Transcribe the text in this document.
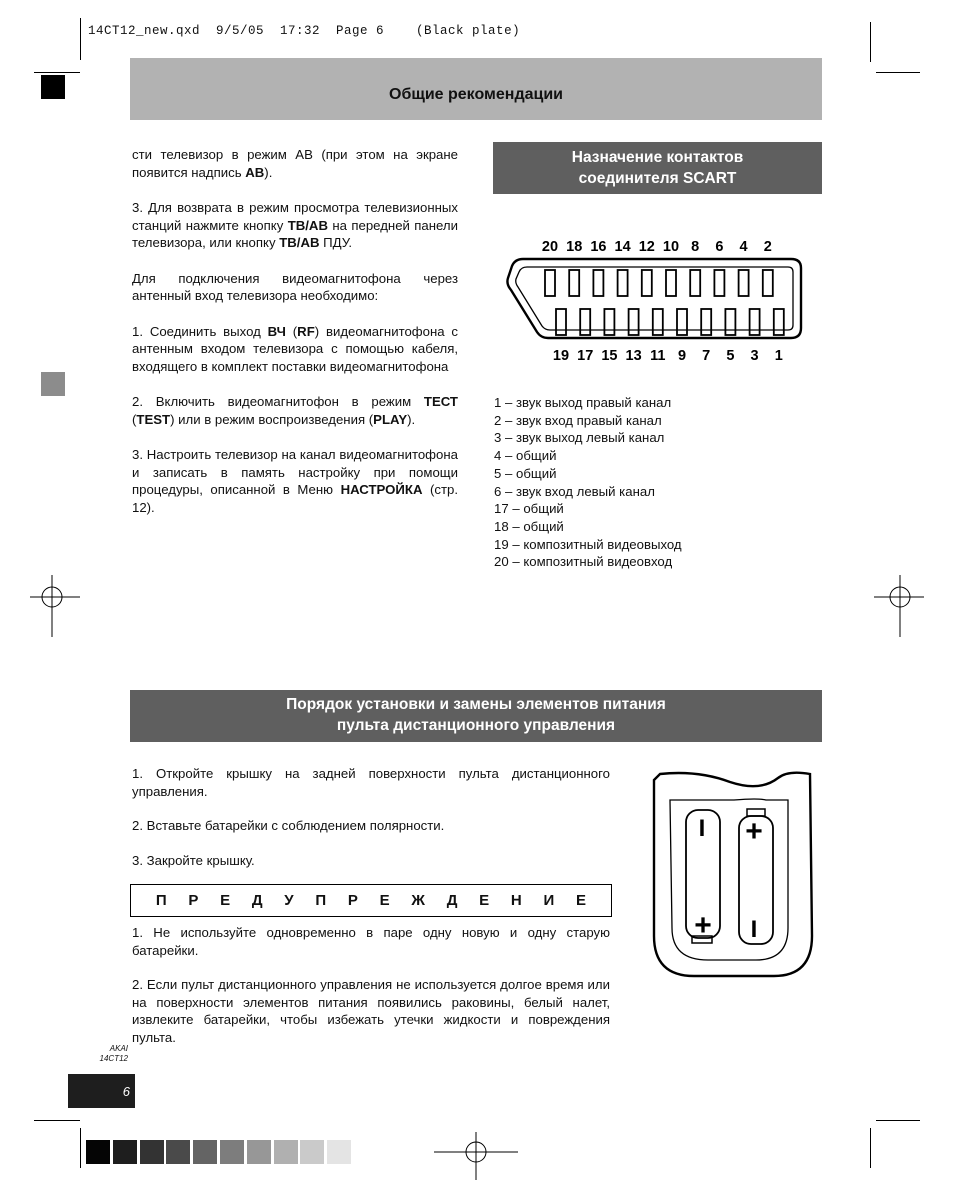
14CT12_new.qxd  9/5/05  17:32  Page 6    (Black plate)
Общие рекомендации

сти телевизор в режим АВ (при этом на экране появится надпись АВ).

3. Для возврата в режим просмотра телевизионных станций нажмите кнопку ТВ/АВ на передней панели телевизора, или кнопку ТВ/АВ ПДУ.

Для подключения видеомагнитофона через антенный вход телевизора необходимо:

1. Соединить выход ВЧ (RF) видеомагнитофона с антенным входом телевизора с помощью кабеля, входящего в комплект поставки видеомагнитофона

2. Включить видеомагнитофон в режим ТЕСТ (TEST) или в режим воспроизведения (PLAY).

3. Настроить телевизор на канал видеомагнитофона и записать в память настройку при помощи процедуры, описанной в Меню НАСТРОЙКА (стр. 12).

Назначение контактов
соединителя SCART
20 18 16 14 12 10 8 6 4 2
19 17 15 13 11 9 7 5 3 1
1 – звук выход правый канал
2 – звук вход правый канал
3 – звук выход левый канал
4 – общий
5 – общий
6 – звук вход левый канал
17 – общий
18 – общий
19 – композитный видеовыход
20 – композитный видеовход
Порядок установки и замены элементов питания
пульта дистанционного управления

1. Откройте крышку на задней поверхности пульта дистанционного управления.

2. Вставьте батарейки с соблюдением полярности.

3. Закройте крышку.

П Р Е Д У П Р Е Ж Д Е Н И Е

1. Не используйте одновременно в паре одну новую и одну старую батарейки.

2. Если пульт дистанционного управления не используется долгое время или на поверхности элементов питания появились раковины, белый налет, извлеките батарейки, чтобы избежать утечки жидкости и повреждения пульта.

I
+
+
I
AKAI
14CT12
6
